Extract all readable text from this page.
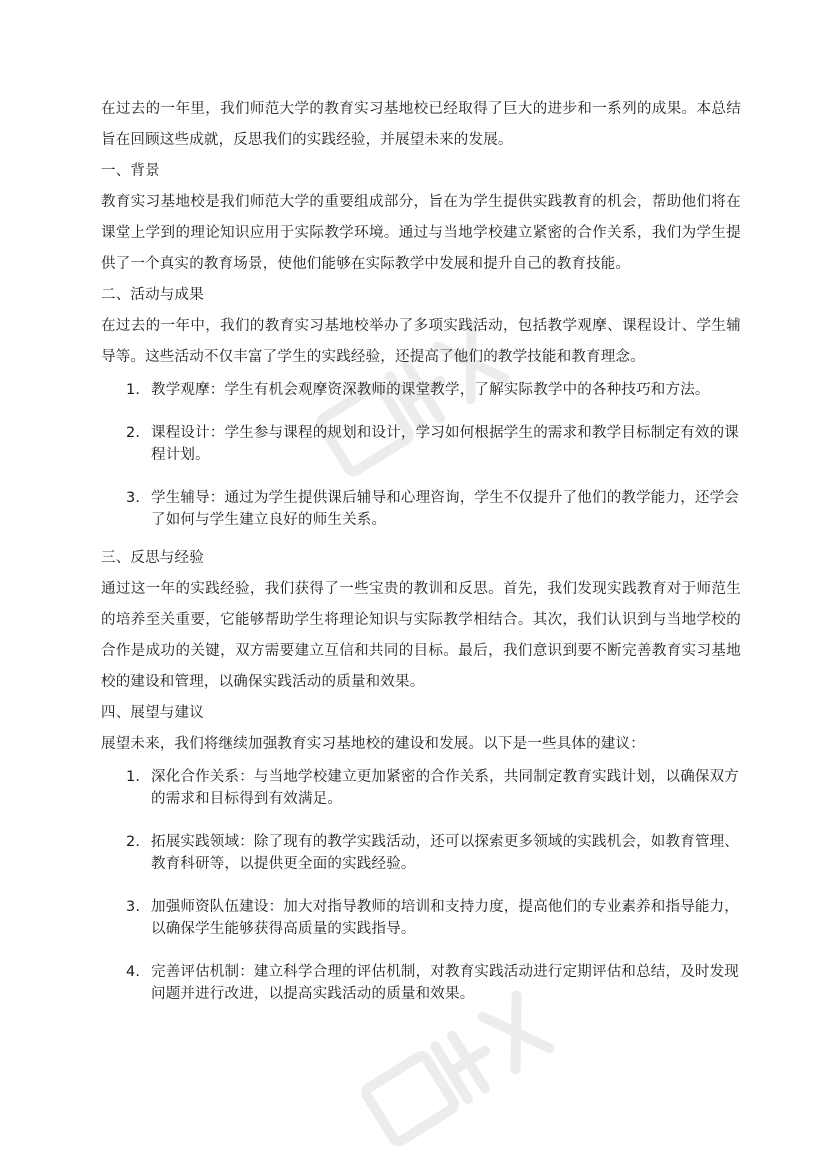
在过去的一年里，我们师范大学的教育实习基地校已经取得了巨大的进步和一系列的成果。本总结旨在回顾这些成就，反思我们的实践经验，并展望未来的发展。

一、背景

教育实习基地校是我们师范大学的重要组成部分，旨在为学生提供实践教育的机会，帮助他们将在课堂上学到的理论知识应用于实际教学环境。通过与当地学校建立紧密的合作关系，我们为学生提供了一个真实的教育场景，使他们能够在实际教学中发展和提升自己的教育技能。

二、活动与成果

在过去的一年中，我们的教育实习基地校举办了多项实践活动，包括教学观摩、课程设计、学生辅导等。这些活动不仅丰富了学生的实践经验，还提高了他们的教学技能和教育理念。

1. 教学观摩：学生有机会观摩资深教师的课堂教学，了解实际教学中的各种技巧和方法。
2. 课程设计：学生参与课程的规划和设计，学习如何根据学生的需求和教学目标制定有效的课程计划。
3. 学生辅导：通过为学生提供课后辅导和心理咨询，学生不仅提升了他们的教学能力，还学会了如何与学生建立良好的师生关系。

三、反思与经验

通过这一年的实践经验，我们获得了一些宝贵的教训和反思。首先，我们发现实践教育对于师范生的培养至关重要，它能够帮助学生将理论知识与实际教学相结合。其次，我们认识到与当地学校的合作是成功的关键，双方需要建立互信和共同的目标。最后，我们意识到要不断完善教育实习基地校的建设和管理，以确保实践活动的质量和效果。

四、展望与建议

展望未来，我们将继续加强教育实习基地校的建设和发展。以下是一些具体的建议：

1. 深化合作关系：与当地学校建立更加紧密的合作关系，共同制定教育实践计划，以确保双方的需求和目标得到有效满足。
2. 拓展实践领域：除了现有的教学实践活动，还可以探索更多领域的实践机会，如教育管理、教育科研等，以提供更全面的实践经验。
3. 加强师资队伍建设：加大对指导教师的培训和支持力度，提高他们的专业素养和指导能力，以确保学生能够获得高质量的实践指导。
4. 完善评估机制：建立科学合理的评估机制，对教育实践活动进行定期评估和总结，及时发现问题并进行改进，以提高实践活动的质量和效果。
